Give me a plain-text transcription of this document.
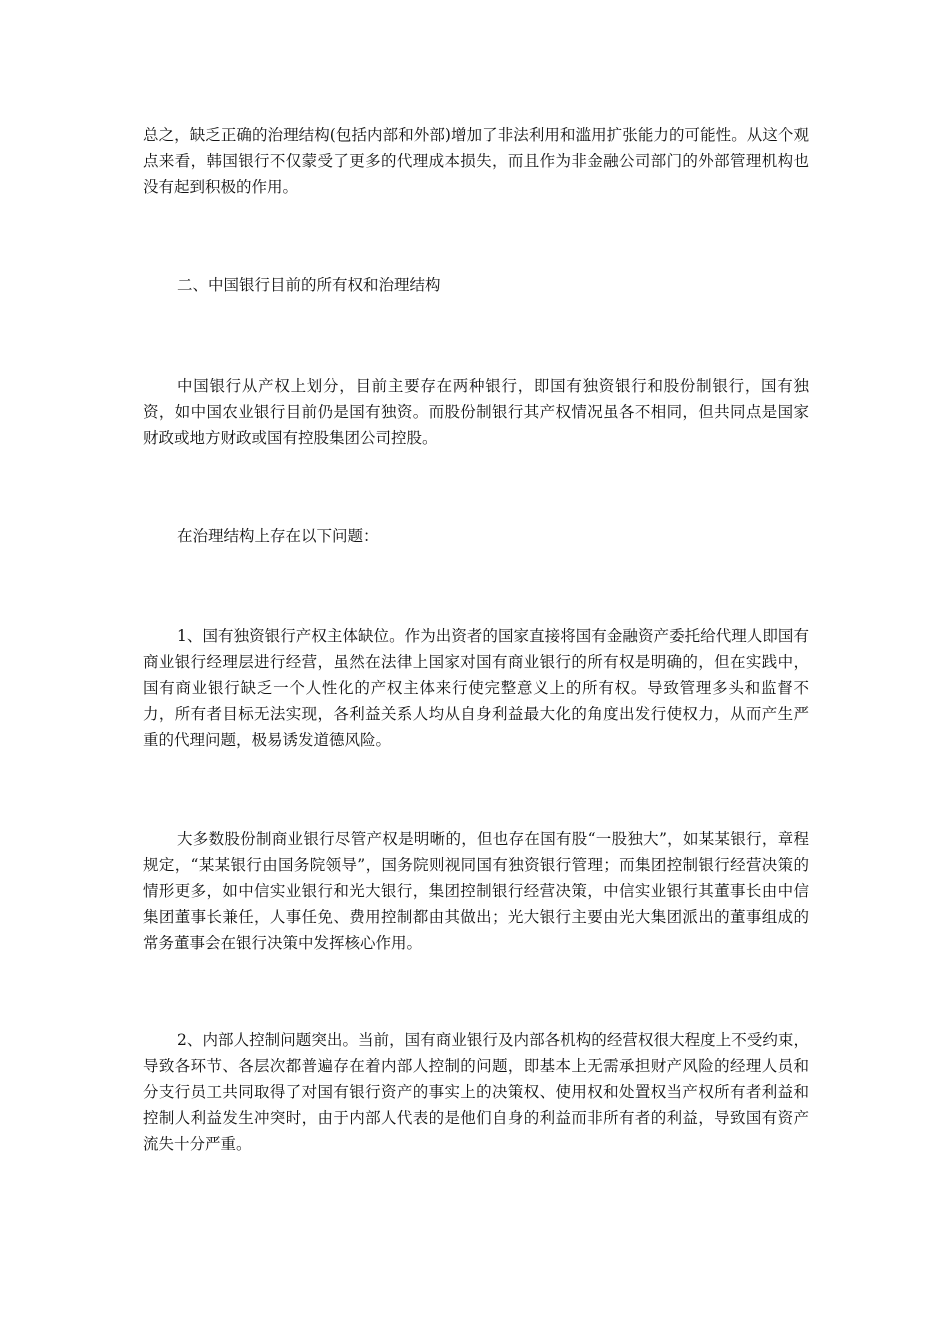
总之，缺乏正确的治理结构(包括内部和外部)增加了非法利用和滥用扩张能力的可能性。从这个观点来看，韩国银行不仅蒙受了更多的代理成本损失，而且作为非金融公司部门的外部管理机构也没有起到积极的作用。

二、中国银行目前的所有权和治理结构

中国银行从产权上划分，目前主要存在两种银行，即国有独资银行和股份制银行，国有独资，如中国农业银行目前仍是国有独资。而股份制银行其产权情况虽各不相同，但共同点是国家财政或地方财政或国有控股集团公司控股。

在治理结构上存在以下问题：

1、国有独资银行产权主体缺位。作为出资者的国家直接将国有金融资产委托给代理人即国有商业银行经理层进行经营，虽然在法律上国家对国有商业银行的所有权是明确的，但在实践中，国有商业银行缺乏一个人性化的产权主体来行使完整意义上的所有权。导致管理多头和监督不力，所有者目标无法实现，各利益关系人均从自身利益最大化的角度出发行使权力，从而产生严重的代理问题，极易诱发道德风险。

大多数股份制商业银行尽管产权是明晰的，但也存在国有股“一股独大”，如某某银行，章程规定，“某某银行由国务院领导”，国务院则视同国有独资银行管理；而集团控制银行经营决策的情形更多，如中信实业银行和光大银行，集团控制银行经营决策，中信实业银行其董事长由中信集团董事长兼任，人事任免、费用控制都由其做出；光大银行主要由光大集团派出的董事组成的常务董事会在银行决策中发挥核心作用。

2、内部人控制问题突出。当前，国有商业银行及内部各机构的经营权很大程度上不受约束，导致各环节、各层次都普遍存在着内部人控制的问题，即基本上无需承担财产风险的经理人员和分支行员工共同取得了对国有银行资产的事实上的决策权、使用权和处置权当产权所有者利益和控制人利益发生冲突时，由于内部人代表的是他们自身的利益而非所有者的利益，导致国有资产流失十分严重。
